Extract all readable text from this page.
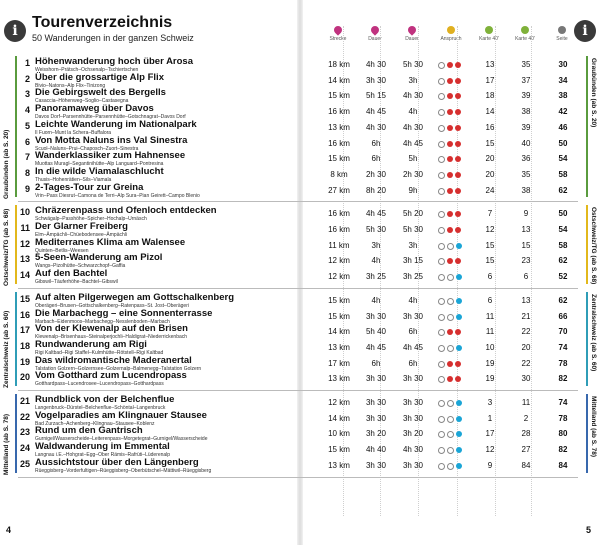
i	i
Tourenverzeichnis
50 Wanderungen in der ganzen Schweiz	Strecke	Dauer	Dauer	Anspruch	Karte 40'	Karte 40'	Seite
1 Höhenwanderung hoch über Arosa
Weisshorn–Prätsch–Ochsenalp–Tschiertschen
18 km	4h 30	5h 30	13	35	30
2 Über die grossartige Alp Flix
Bivio–Natons–Alp Flix–Tinizong
14 km	3h 30	3h	17	37	34
3 Die Gebirgswelt des Bergells
Casaccia–Höhenweg–Soglio–Castasegna
15 km	5h 15	4h 30	18	39	38
4 Panoramaweg über Davos
Davos Dorf–Parsennhütte–Parsennhütte–Gotschnagrat–Davos Dorf
16 km	4h 45	4h	14	38	42
5 Leichte Wanderung im Nationalpark
Il Fuorn–Munt la Schera–Buffalora
13 km	4h 30	4h 30	16	39	46
6 Von Motta Naluns ins Val Sinestra
Scuol–Naluns–Prui–Chaposch–Zuort–Sinestra
16 km	6h	4h 45	15	40	50
7 Wanderklassiker zum Hahnensee
Muottas Muragl–Segantinihütte–Alp Languard–Pontresina
15 km	6h	5h	20	36	54
8 In die wilde Viamalaschlucht
Thusis–Hohenrätien–Sils–Viamala
8 km	2h 30	2h 30	20	35	58
9 2-Tages-Tour zur Greina
Vrin–Pass Diesrut–Camona de Terri–Alp Sura–Pian Geirett–Campo Blenio
27 km	8h 20	9h	24	38	62
Graubünden (ab S. 20)
Graubünden (ab S. 20)
10 Chräzerenpass und Ofenloch entdecken
Schwägalp–Passhöhe–Spicher–Hochalp–Urnäsch
16 km	4h 45	5h 20	7	9	50
11 Der Glarner Freiberg
Elm–Ämpächli–Chüebodensee–Ämpächli
16 km	5h 30	5h 30	12	13	54
12 Mediterranes Klima am Walensee
Quinten–Betlis–Weesen
11 km	3h	3h	15	15	58
13 5-Seen-Wanderung am Pizol
Wangs–Pizolhütte–Schwarzchopf–Gaffia
12 km	4h	3h 15	15	23	62
14 Auf den Bachtel
Gibswil–Täuferhöhe–Bachtel–Gibswil
12 km	3h 25	3h 25	6	6	52
Ostschweiz/TG (ab S. 68)	Ostschweiz/TG (ab S. 68)
15 Auf alten Pilgerwegen am Gottschalkenberg
Oberägeri–Brusen–Gottschalkenberg–Ratenpass–St. Jost–Oberägeri
15 km	4h	4h	6	13	62
16 Die Marbachegg – eine Sonnenterrasse
Marbach–Eidenmoos–Marbachegg–Nesslenboden–Marbach
15 km	3h 30	3h 30	11	21	66
17 Von der Klewenalp auf den Brisen
Klewenalp–Brisenhaus–Steinalperjochli–Haldigrat–Niederrickenbach
14 km	5h 40	6h	11	22	70
18 Rundwanderung am Rigi
Rigi Kaltbad–Rigi Staffel–Kulmhütte–Rötstell–Rigi Kaltbad
13 km	4h 45	4h 45	10	20	74
19 Das wildromantische Maderanertal
Talstation Golzern–Golzernsee–Golzernalp–Balmenegg–Talstation Golzern
17 km	6h	6h	19	22	78
20 Vom Gotthard zum Lucendropass
Gotthardpass–Lucendrosee–Lucendropass–Gotthardpass
13 km	3h 30	3h 30	19	30	82
Zentralschweiz (ab S. 60)	Zentralschweiz (ab S. 60)
21 Rundblick von der Belchenflue
Langenbruck–Dürstel–Belchenflue–Schöntal–Langenbruck
12 km	3h 30	3h 30	3	11	74
22 Vogelparadies am Klingnauer Stausee
Bad Zurzach–Achenberg–Klingnau–Stausee–Koblenz
14 km	3h 30	3h 30	1	2	78
23 Rund um den Gantrisch
Gurnigel/Wasserscheide–Leiterenpass–Morgetegrat–Gurnigel/Wasserscheide
10 km	3h 20	3h 20	17	28	80
24 Waldwanderung im Emmental
Langnau i.E.–Hohgrat–Egg–Ober Rämis–Rafrüti–Lüderenalp
15 km	4h 40	4h 30	12	27	82
25 Aussichtstour über den Längenberg
Rüeggisberg–Vorderfultigen–Rüeggisberg–Oberbütschel–Mättiwil–Rüeggisberg
13 km	3h 30	3h 30	9	84	84
Mittelland (ab S. 78)	Mittelland (ab S. 78)
4	5
